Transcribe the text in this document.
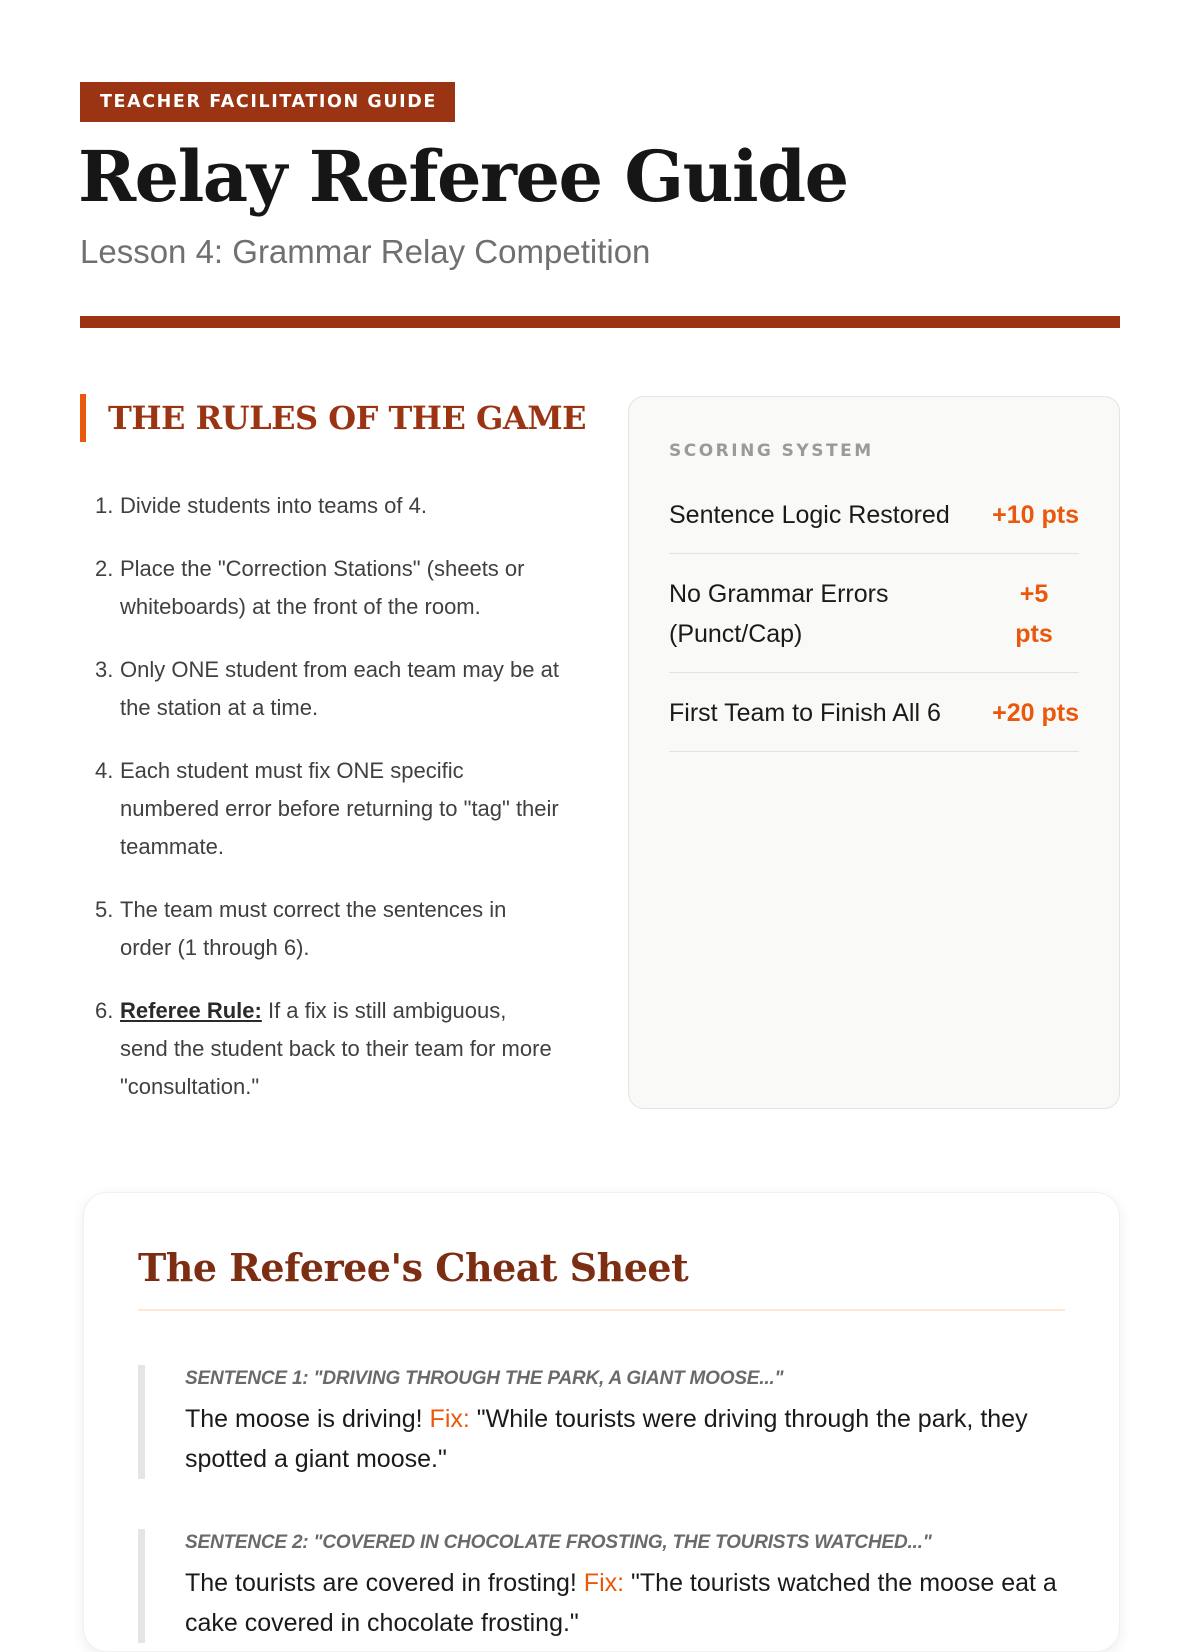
TEACHER FACILITATION GUIDE
Relay Referee Guide
Lesson 4: Grammar Relay Competition
THE RULES OF THE GAME
1. Divide students into teams of 4.
2. Place the "Correction Stations" (sheets or whiteboards) at the front of the room.
3. Only ONE student from each team may be at the station at a time.
4. Each student must fix ONE specific numbered error before returning to "tag" their teammate.
5. The team must correct the sentences in order (1 through 6).
6. Referee Rule: If a fix is still ambiguous, send the student back to their team for more "consultation."
SCORING SYSTEM
Sentence Logic Restored +10 pts
No Grammar Errors (Punct/Cap)
+5 pts
First Team to Finish All 6 +20 pts
The Referee's Cheat Sheet
SENTENCE 1: "DRIVING THROUGH THE PARK, A GIANT MOOSE..."
The moose is driving! Fix: "While tourists were driving through the park, they spotted a giant moose."
SENTENCE 2: "COVERED IN CHOCOLATE FROSTING, THE TOURISTS WATCHED..."
The tourists are covered in frosting! Fix: "The tourists watched the moose eat a cake covered in chocolate frosting."
